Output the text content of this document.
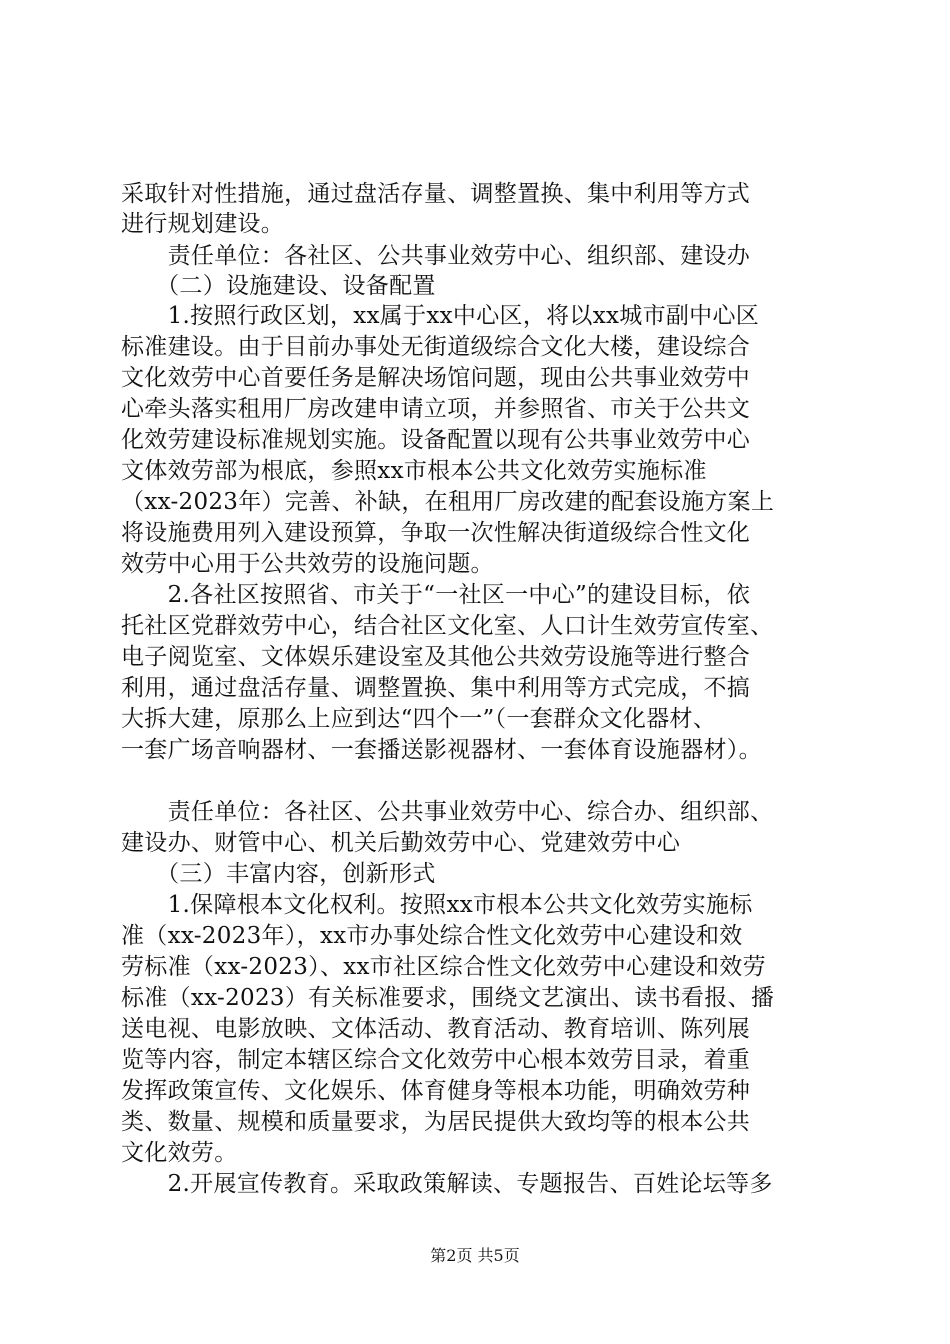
采取针对性措施，通过盘活存量、调整置换、集中利用等方式
进行规划建设。
　　责任单位：各社区、公共事业效劳中心、组织部、建设办
　　（二）设施建设、设备配置
　　1.按照行政区划，xx属于xx中心区，将以xx城市副中心区
标准建设。由于目前办事处无街道级综合文化大楼，建设综合
文化效劳中心首要任务是解决场馆问题，现由公共事业效劳中
心牵头落实租用厂房改建申请立项，并参照省、市关于公共文
化效劳建设标准规划实施。设备配置以现有公共事业效劳中心
文体效劳部为根底，参照xx市根本公共文化效劳实施标准
（xx-2023年）完善、补缺，在租用厂房改建的配套设施方案上
将设施费用列入建设预算，争取一次性解决街道级综合性文化
效劳中心用于公共效劳的设施问题。
　　2.各社区按照省、市关于“一社区一中心”的建设目标，依
托社区党群效劳中心，结合社区文化室、人口计生效劳宣传室、
电子阅览室、文体娱乐建设室及其他公共效劳设施等进行整合
利用，通过盘活存量、调整置换、集中利用等方式完成，不搞
大拆大建，原那么上应到达“四个一”（一套群众文化器材、
一套广场音响器材、一套播送影视器材、一套体育设施器材）。
　　责任单位：各社区、公共事业效劳中心、综合办、组织部、
建设办、财管中心、机关后勤效劳中心、党建效劳中心
　　（三）丰富内容，创新形式
　　1.保障根本文化权利。按照xx市根本公共文化效劳实施标
准（xx-2023年），xx市办事处综合性文化效劳中心建设和效
劳标准（xx-2023）、xx市社区综合性文化效劳中心建设和效劳
标准（xx-2023）有关标准要求，围绕文艺演出、读书看报、播
送电视、电影放映、文体活动、教育活动、教育培训、陈列展
览等内容，制定本辖区综合文化效劳中心根本效劳目录，着重
发挥政策宣传、文化娱乐、体育健身等根本功能，明确效劳种
类、数量、规模和质量要求，为居民提供大致均等的根本公共
文化效劳。
　　2.开展宣传教育。采取政策解读、专题报告、百姓论坛等多
第2页 共5页
